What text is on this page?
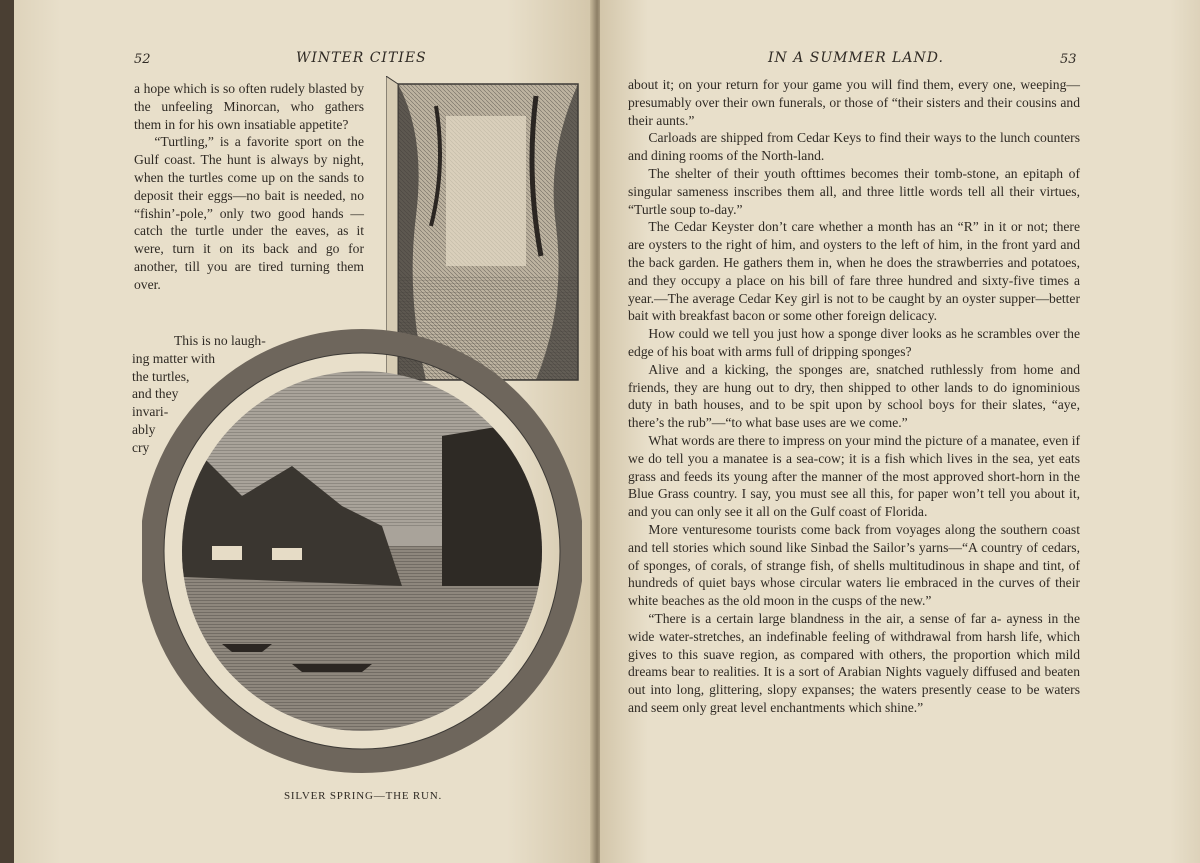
52	WINTER CITIES

a hope which is so often rudely blasted by the unfeeling Minorcan, who gathers them in for his own insatiable appetite?

“Turtling,” is a favorite sport on the Gulf coast. The hunt is always by night, when the turtles come up on the sands to deposit their eggs—no bait is needed, no “fishin’-pole,” only two good hands —catch the turtle under the eaves, as it were, turn it on its back and go for another, till you are tired turning them over.

This is no laugh-
ing matter with
the turtles,
and they
invari-
ably
cry
SILVER SPRING—THE RUN.
IN A SUMMER LAND.	53

about it; on your return for your game you will find them, every one, weeping—presumably over their own funerals, or those of “their sisters and their cousins and their aunts.”

Carloads are shipped from Cedar Keys to find their ways to the lunch counters and dining rooms of the North-land.

The shelter of their youth ofttimes becomes their tomb-stone, an epitaph of singular sameness inscribes them all, and three little words tell all their virtues, “Turtle soup to-day.”

The Cedar Keyster don’t care whether a month has an “R” in it or not; there are oysters to the right of him, and oysters to the left of him, in the front yard and the back garden. He gathers them in, when he does the strawberries and potatoes, and they occupy a place on his bill of fare three hundred and sixty-five times a year.—The average Cedar Key girl is not to be caught by an oyster supper—better bait with breakfast bacon or some other foreign delicacy.

How could we tell you just how a sponge diver looks as he scrambles over the edge of his boat with arms full of dripping sponges?

Alive and a kicking, the sponges are, snatched ruthlessly from home and friends, they are hung out to dry, then shipped to other lands to do ignominious duty in bath houses, and to be spit upon by school boys for their slates, “aye, there’s the rub”—“to what base uses are we come.”

What words are there to impress on your mind the picture of a manatee, even if we do tell you a manatee is a sea-cow; it is a fish which lives in the sea, yet eats grass and feeds its young after the manner of the most approved short-horn in the Blue Grass country. I say, you must see all this, for paper won’t tell you about it, and you can only see it all on the Gulf coast of Florida.

More venturesome tourists come back from voyages along the southern coast and tell stories which sound like Sinbad the Sailor’s yarns—“A country of cedars, of sponges, of corals, of strange fish, of shells multitudinous in shape and tint, of hundreds of quiet bays whose circular waters lie embraced in the curves of their white beaches as the old moon in the cusps of the new.”

“There is a certain large blandness in the air, a sense of far a- ayness in the wide water-stretches, an indefinable feeling of withdrawal from harsh life, which gives to this suave region, as compared with others, the proportion which mild dreams bear to realities. It is a sort of Arabian Nights vaguely diffused and beaten out into long, glittering, slopy expanses; the waters presently cease to be waters and seem only great level enchantments which shine.”
